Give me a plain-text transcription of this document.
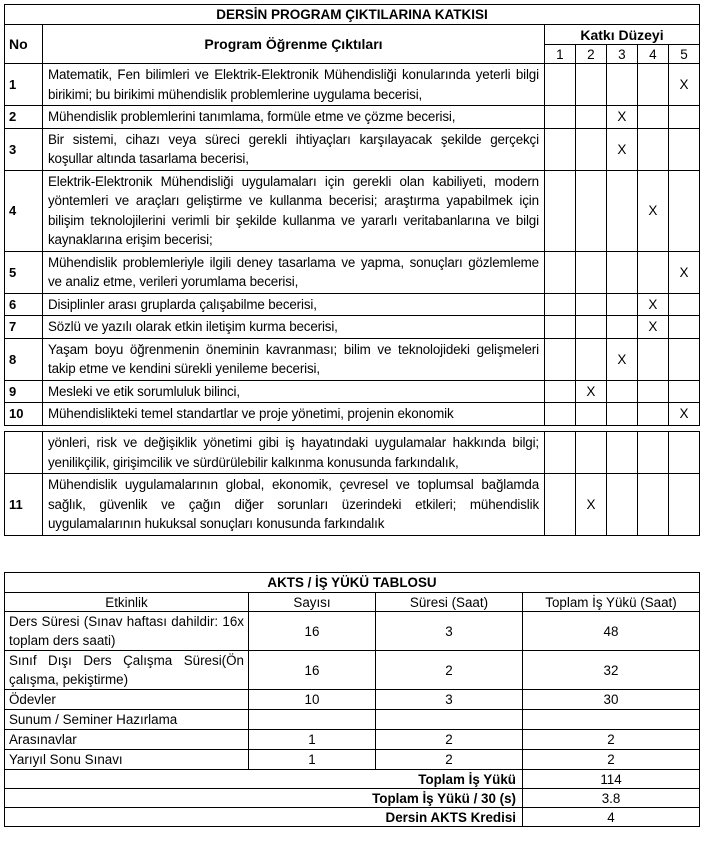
DERSİN PROGRAM ÇIKTILARINA KATKISI						
No	Program Öğrenme Çıktıları	Katkı Düzeyi				
		1	2	3	4	5
1	Matematik, Fen bilimleri ve Elektrik-Elektronik Mühendisliği konularında yeterli bilgi birikimi; bu birikimi mühendislik problemlerine uygulama becerisi,					X
2	Mühendislik problemlerini tanımlama, formüle etme ve çözme becerisi,			X		
3	Bir sistemi, cihazı veya süreci gerekli ihtiyaçları karşılayacak şekilde gerçekçi koşullar altında tasarlama becerisi,			X		
4	Elektrik-Elektronik Mühendisliği uygulamaları için gerekli olan kabiliyeti, modern yöntemleri ve araçları geliştirme ve kullanma becerisi; araştırma yapabilmek için bilişim teknolojilerini verimli bir şekilde kullanma ve yararlı veritabanlarına ve bilgi kaynaklarına erişim becerisi;				X	
5	Mühendislik problemleriyle ilgili deney tasarlama ve yapma, sonuçları gözlemleme ve analiz etme, verileri yorumlama becerisi,					X
6	Disiplinler arası gruplarda çalışabilme becerisi,				X	
7	Sözlü ve yazılı olarak etkin iletişim kurma becerisi,				X	
8	Yaşam boyu öğrenmenin öneminin kavranması; bilim ve teknolojideki gelişmeleri takip etme ve kendini sürekli yenileme becerisi,			X		
9	Mesleki ve etik sorumluluk bilinci,		X			
10	Mühendislikteki temel standartlar ve proje yönetimi, projenin ekonomik					X
	yönleri, risk ve değişiklik yönetimi gibi iş hayatındaki uygulamalar hakkında bilgi; yenilikçilik, girişimcilik ve sürdürülebilir kalkınma konusunda farkındalık,					
11	Mühendislik uygulamalarının global, ekonomik, çevresel ve toplumsal bağlamda sağlık, güvenlik ve çağın diğer sorunları üzerindeki etkileri; mühendislik uygulamalarının hukuksal sonuçları konusunda farkındalık		X			
AKTS / İŞ YÜKÜ TABLOSU			
Etkinlik	Sayısı	Süresi (Saat)	Toplam İş Yükü (Saat)
Ders Süresi (Sınav haftası dahildir: 16x toplam ders saati)	16	3	48
Sınıf Dışı Ders Çalışma Süresi(Ön çalışma, pekiştirme)	16	2	32
Ödevler	10	3	30
Sunum / Seminer Hazırlama			
Arasınavlar	1	2	2
Yarıyıl Sonu Sınavı	1	2	2
Toplam İş Yükü			114
Toplam İş Yükü / 30 (s)			3.8
Dersin AKTS Kredisi			4
